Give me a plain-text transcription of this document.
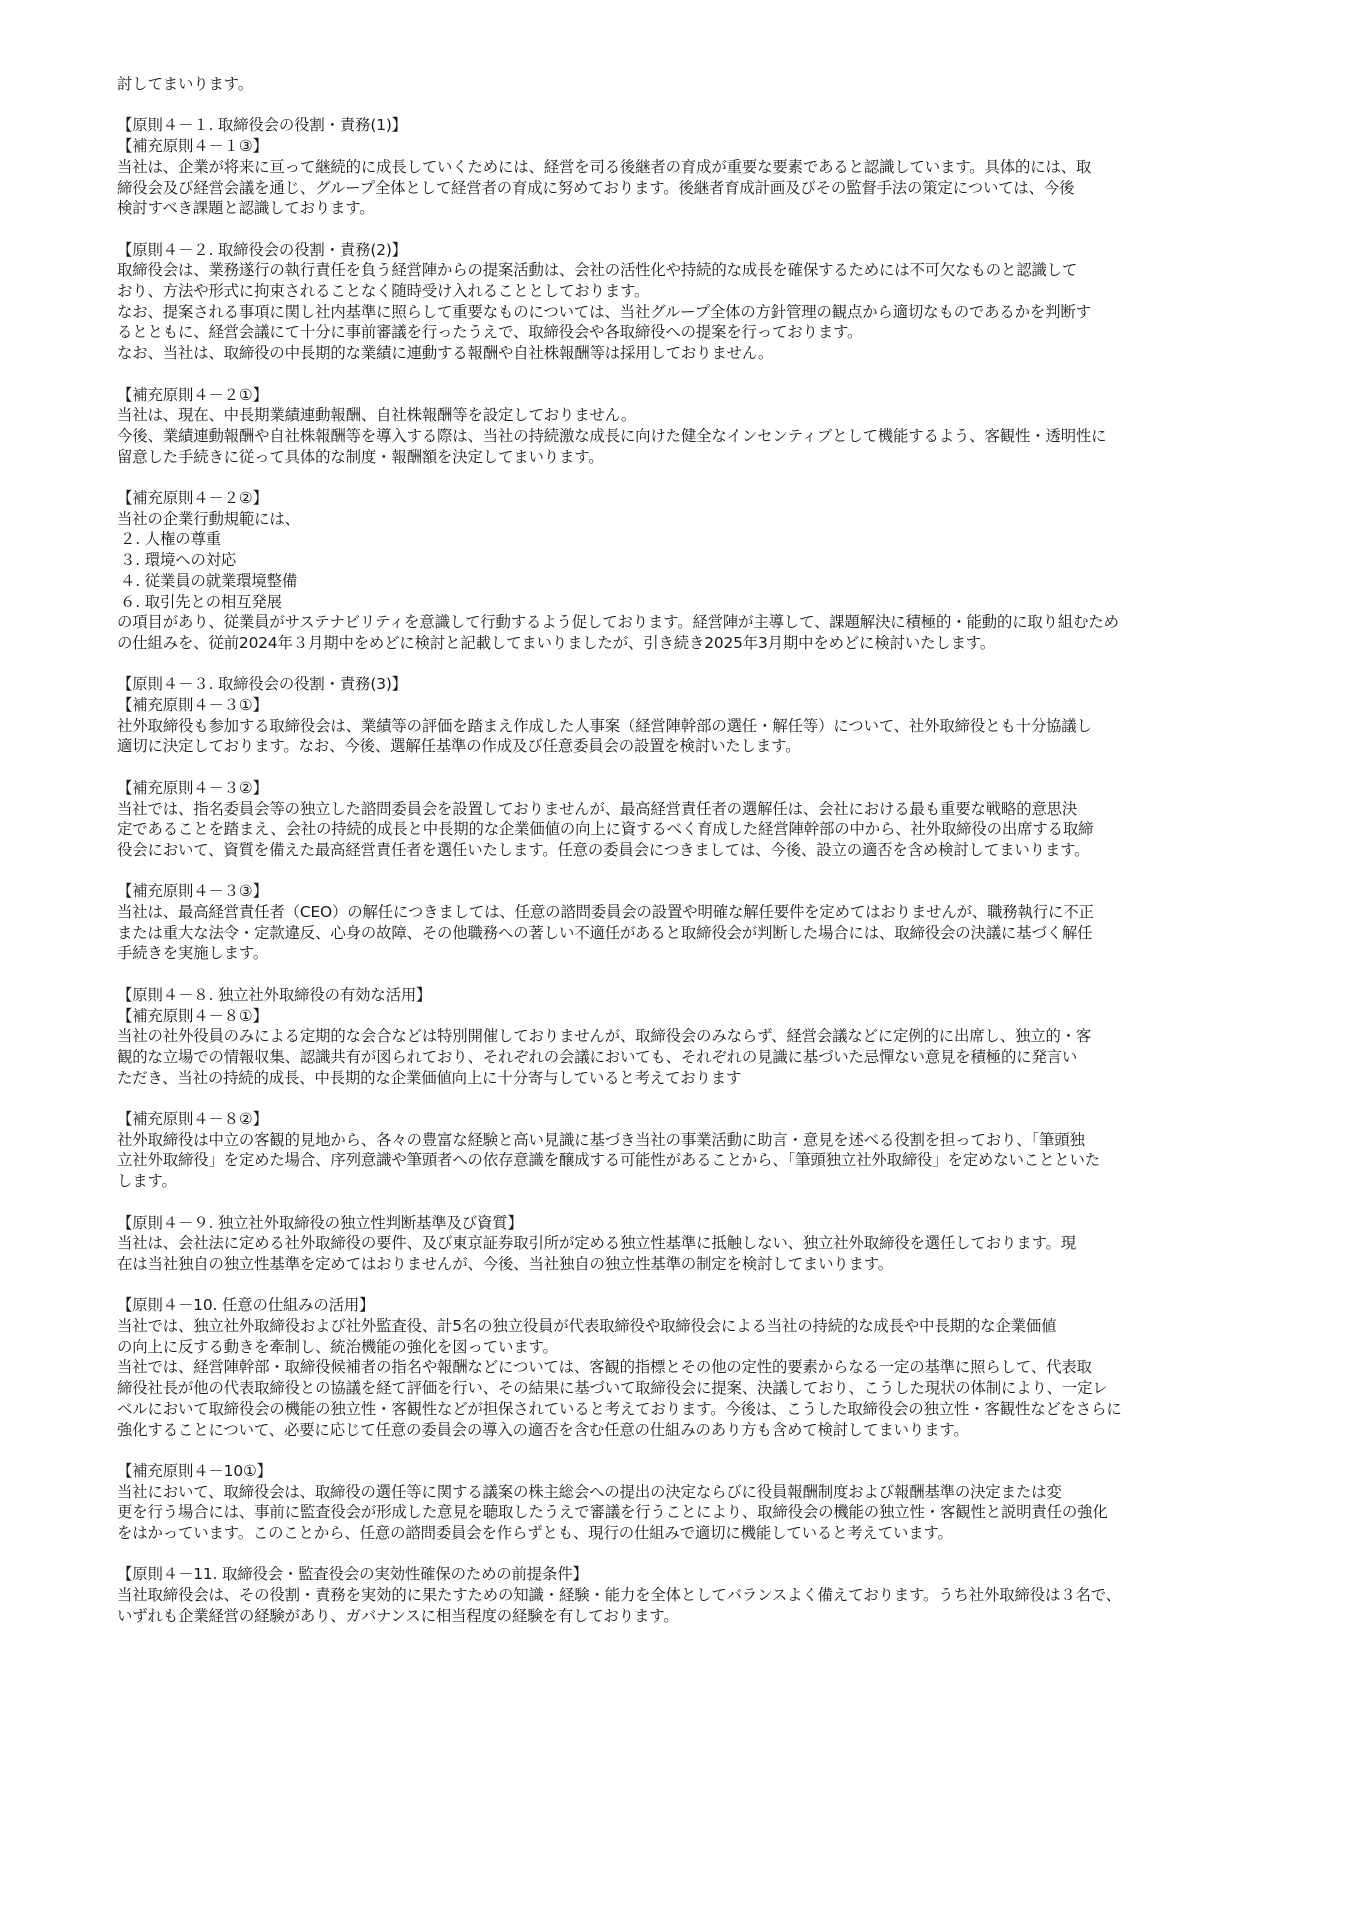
討してまいります。
【原則４－１. 取締役会の役割・責務(1)】
【補充原則４－１③】
当社は、企業が将来に亘って継続的に成長していくためには、経営を司る後継者の育成が重要な要素であると認識しています。具体的には、取
締役会及び経営会議を通じ、グループ全体として経営者の育成に努めております。後継者育成計画及びその監督手法の策定については、今後
検討すべき課題と認識しております。
【原則４－２. 取締役会の役割・責務(2)】
取締役会は、業務遂行の執行責任を負う経営陣からの提案活動は、会社の活性化や持続的な成長を確保するためには不可欠なものと認識して
おり、方法や形式に拘束されることなく随時受け入れることとしております。
なお、提案される事項に関し社内基準に照らして重要なものについては、当社グループ全体の方針管理の観点から適切なものであるかを判断す
るとともに、経営会議にて十分に事前審議を行ったうえで、取締役会や各取締役への提案を行っております。
なお、当社は、取締役の中長期的な業績に連動する報酬や自社株報酬等は採用しておりません。
【補充原則４－２①】
当社は、現在、中長期業績連動報酬、自社株報酬等を設定しておりません。
今後、業績連動報酬や自社株報酬等を導入する際は、当社の持続激な成長に向けた健全なインセンティブとして機能するよう、客観性・透明性に
留意した手続きに従って具体的な制度・報酬額を決定してまいります。
【補充原則４－２②】
当社の企業行動規範には、
２. 人権の尊重
３. 環境への対応
４. 従業員の就業環境整備
６. 取引先との相互発展
の項目があり、従業員がサステナビリティを意識して行動するよう促しております。経営陣が主導して、課題解決に積極的・能動的に取り組むため
の仕組みを、従前2024年３月期中をめどに検討と記載してまいりましたが、引き続き2025年3月期中をめどに検討いたします。
【原則４－３. 取締役会の役割・責務(3)】
【補充原則４－３①】
社外取締役も参加する取締役会は、業績等の評価を踏まえ作成した人事案（経営陣幹部の選任・解任等）について、社外取締役とも十分協議し
適切に決定しております。なお、今後、選解任基準の作成及び任意委員会の設置を検討いたします。
【補充原則４－３②】
当社では、指名委員会等の独立した諮問委員会を設置しておりませんが、最高経営責任者の選解任は、会社における最も重要な戦略的意思決
定であることを踏まえ、会社の持続的成長と中長期的な企業価値の向上に資するべく育成した経営陣幹部の中から、社外取締役の出席する取締
役会において、資質を備えた最高経営責任者を選任いたします。任意の委員会につきましては、今後、設立の適否を含め検討してまいります。
【補充原則４－３③】
当社は、最高経営責任者（CEO）の解任につきましては、任意の諮問委員会の設置や明確な解任要件を定めてはおりませんが、職務執行に不正
または重大な法令・定款違反、心身の故障、その他職務への著しい不適任があると取締役会が判断した場合には、取締役会の決議に基づく解任
手続きを実施します。
【原則４－８. 独立社外取締役の有効な活用】
【補充原則４－８①】
当社の社外役員のみによる定期的な会合などは特別開催しておりませんが、取締役会のみならず、経営会議などに定例的に出席し、独立的・客
観的な立場での情報収集、認識共有が図られており、それぞれの会議においても、それぞれの見識に基づいた忌憚ない意見を積極的に発言い
ただき、当社の持続的成長、中長期的な企業価値向上に十分寄与していると考えております
【補充原則４－８②】
社外取締役は中立の客観的見地から、各々の豊富な経験と高い見識に基づき当社の事業活動に助言・意見を述べる役割を担っており、「筆頭独
立社外取締役」を定めた場合、序列意識や筆頭者への依存意識を醸成する可能性があることから、「筆頭独立社外取締役」を定めないことといた
します。
【原則４－９. 独立社外取締役の独立性判断基準及び資質】
当社は、会社法に定める社外取締役の要件、及び東京証券取引所が定める独立性基準に抵触しない、独立社外取締役を選任しております。現
在は当社独自の独立性基準を定めてはおりませんが、今後、当社独自の独立性基準の制定を検討してまいります。
【原則４－10. 任意の仕組みの活用】
当社では、独立社外取締役および社外監査役、計5名の独立役員が代表取締役や取締役会による当社の持続的な成長や中長期的な企業価値
の向上に反する動きを牽制し、統治機能の強化を図っています。
当社では、経営陣幹部・取締役候補者の指名や報酬などについては、客観的指標とその他の定性的要素からなる一定の基準に照らして、代表取
締役社長が他の代表取締役との協議を経て評価を行い、その結果に基づいて取締役会に提案、決議しており、こうした現状の体制により、一定レ
ベルにおいて取締役会の機能の独立性・客観性などが担保されていると考えております。今後は、こうした取締役会の独立性・客観性などをさらに
強化することについて、必要に応じて任意の委員会の導入の適否を含む任意の仕組みのあり方も含めて検討してまいります。
【補充原則４－10①】
当社において、取締役会は、取締役の選任等に関する議案の株主総会への提出の決定ならびに役員報酬制度および報酬基準の決定または変
更を行う場合には、事前に監査役会が形成した意見を聴取したうえで審議を行うことにより、取締役会の機能の独立性・客観性と説明責任の強化
をはかっています。このことから、任意の諮問委員会を作らずとも、現行の仕組みで適切に機能していると考えています。
【原則４－11. 取締役会・監査役会の実効性確保のための前提条件】
当社取締役会は、その役割・責務を実効的に果たすための知識・経験・能力を全体としてバランスよく備えております。うち社外取締役は３名で、
いずれも企業経営の経験があり、ガバナンスに相当程度の経験を有しております。
